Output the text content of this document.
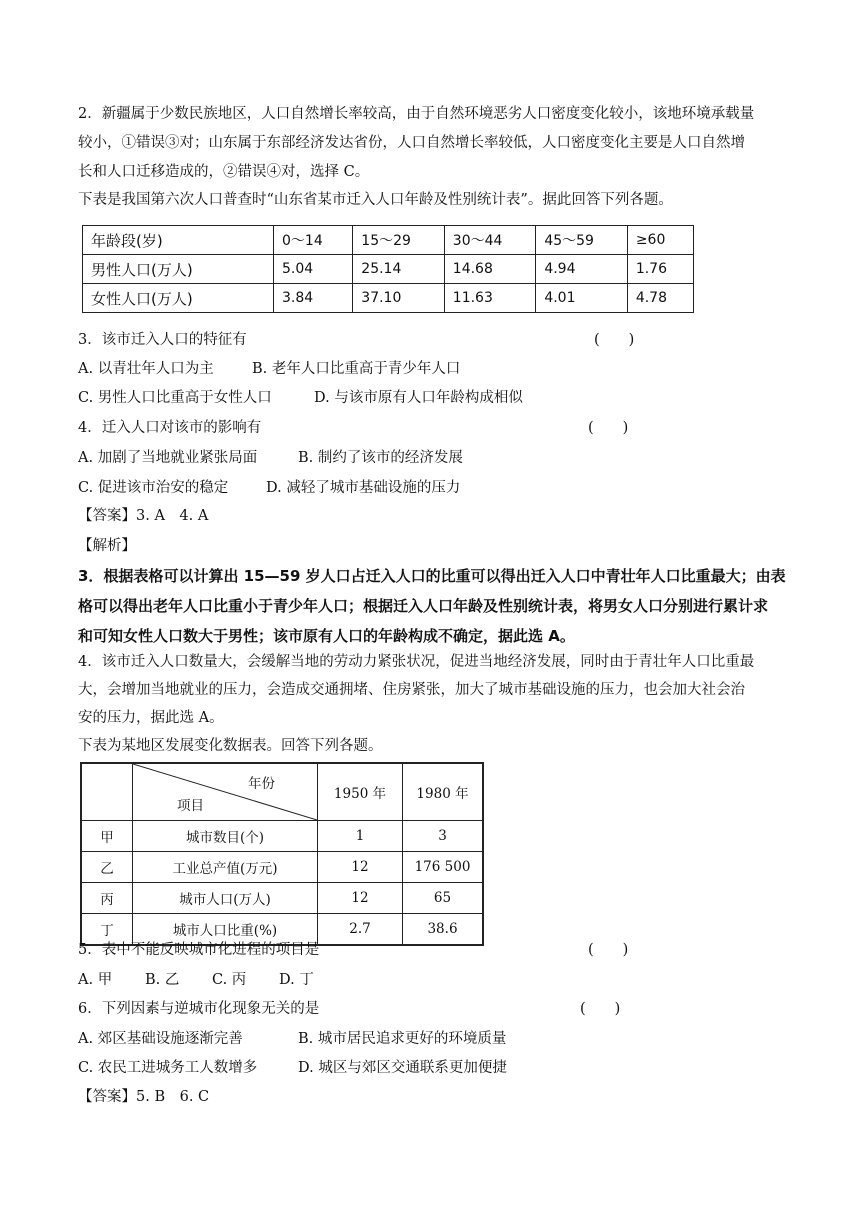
2．新疆属于少数民族地区，人口自然增长率较高，由于自然环境恶劣人口密度变化较小，该地环境承载量
较小，①错误③对；山东属于东部经济发达省份，人口自然增长率较低，人口密度变化主要是人口自然增
长和人口迁移造成的，②错误④对，选择 C。
下表是我国第六次人口普查时“山东省某市迁入人口年龄及性别统计表”。据此回答下列各题。
年龄段(岁)	0～14	15～29	30～44	45～59	≥60
男性人口(万人)	5.04	25.14	14.68	4.94	1.76
女性人口(万人)	3.84	37.10	11.63	4.01	4.78
3．该市迁入人口的特征有	(　　)
A. 以青壮年人口为主	B. 老年人口比重高于青少年人口
C. 男性人口比重高于女性人口	D. 与该市原有人口年龄构成相似
4．迁入人口对该市的影响有	(　　)
A. 加剧了当地就业紧张局面	B. 制约了该市的经济发展
C. 促进该市治安的稳定	D. 减轻了城市基础设施的压力
【答案】3. A　4. A
【解析】
3．根据表格可以计算出 15—59 岁人口占迁入人口的比重可以得出迁入人口中青壮年人口比重最大；由表
格可以得出老年人口比重小于青少年人口；根据迁入人口年龄及性别统计表，将男女人口分别进行累计求
和可知女性人口数大于男性；该市原有人口的年龄构成不确定，据此选 A。
4．该市迁入人口数量大，会缓解当地的劳动力紧张状况，促进当地经济发展，同时由于青壮年人口比重最
大，会增加当地就业的压力，会造成交通拥堵、住房紧张，加大了城市基础设施的压力，也会加大社会治
安的压力，据此选 A。
下表为某地区发展变化数据表。回答下列各题。

	年份
项目	1950 年	1980 年
甲	城市数目(个)	1	3
乙	工业总产值(万元)	12	176 500
丙	城市人口(万人)	12	65
丁	城市人口比重(%)	2.7	38.6
5．表中不能反映城市化进程的项目是	(　　)
A. 甲 B. 乙 C. 丙 D. 丁
6．下列因素与逆城市化现象无关的是	(　　)
A. 郊区基础设施逐渐完善	B. 城市居民追求更好的环境质量
C. 农民工进城务工人数增多	D. 城区与郊区交通联系更加便捷
【答案】5. B　6. C
